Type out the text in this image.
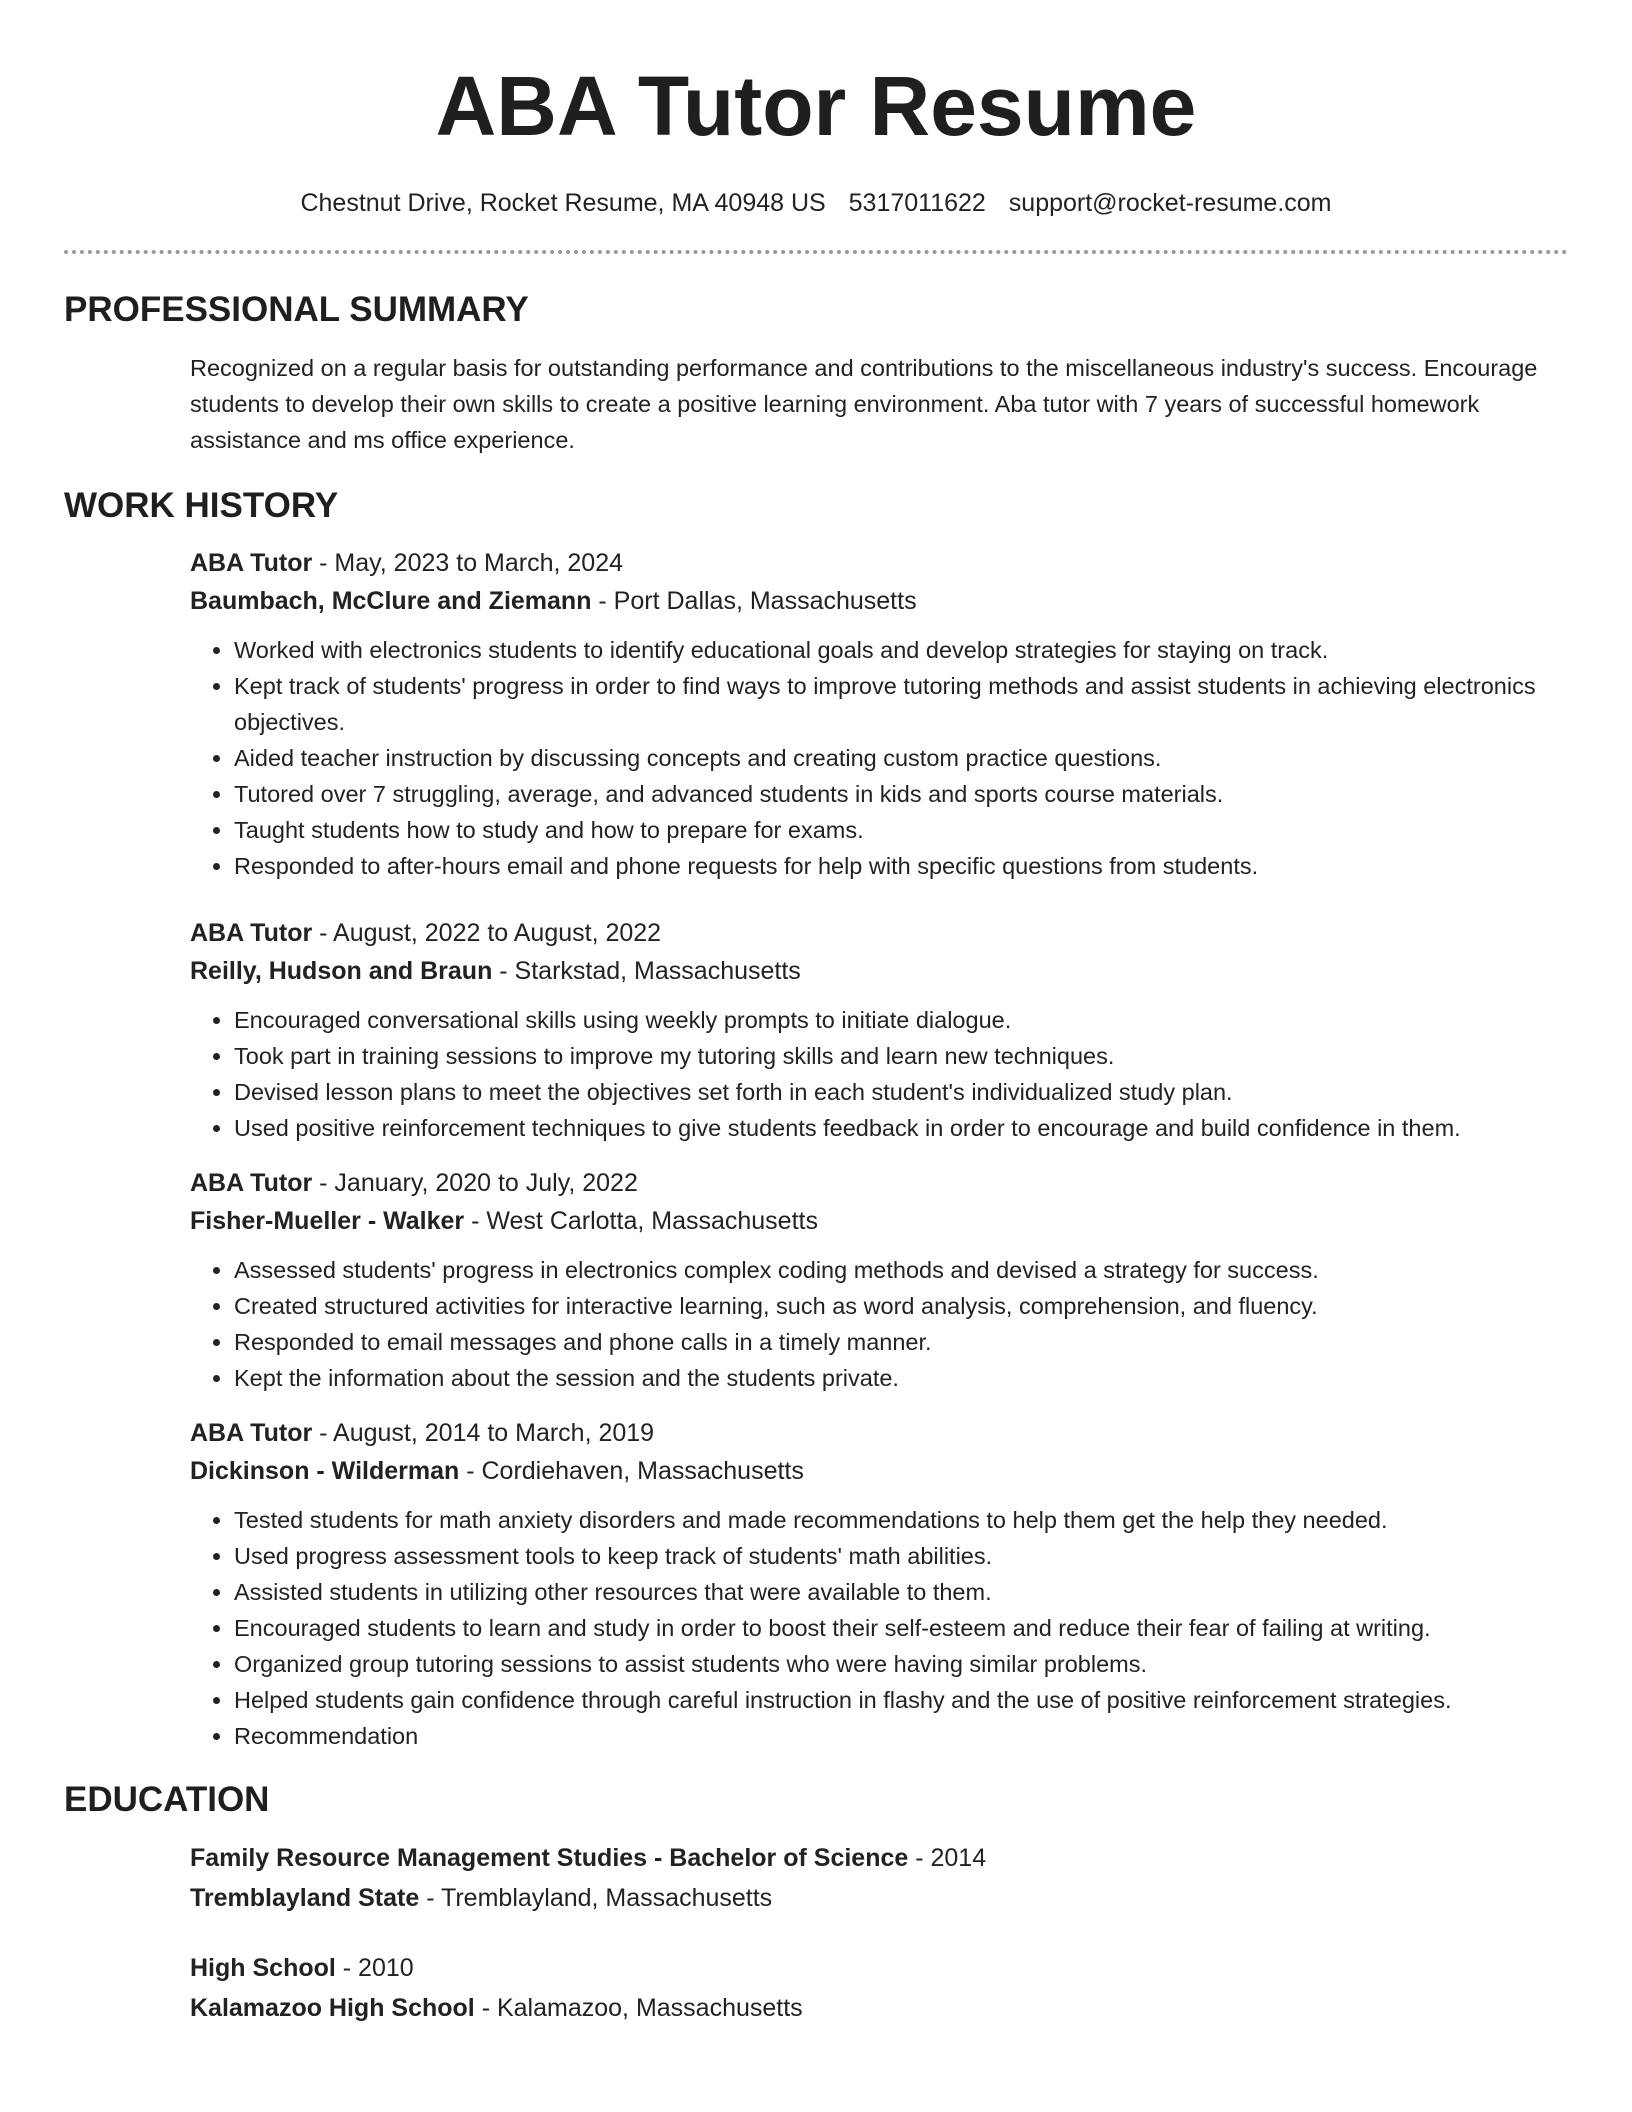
ABA Tutor Resume
Chestnut Drive, Rocket Resume, MA 40948 US 5317011622 support@rocket-resume.com
PROFESSIONAL SUMMARY

Recognized on a regular basis for outstanding performance and contributions to the miscellaneous industry's success. Encourage students to develop their own skills to create a positive learning environment. Aba tutor with 7 years of successful homework assistance and ms office experience.

WORK HISTORY
ABA Tutor - May, 2023 to March, 2024
Baumbach, McClure and Ziemann - Port Dallas, Massachusetts
• Worked with electronics students to identify educational goals and develop strategies for staying on track.
• Kept track of students' progress in order to find ways to improve tutoring methods and assist students in achieving electronics objectives.
• Aided teacher instruction by discussing concepts and creating custom practice questions.
• Tutored over 7 struggling, average, and advanced students in kids and sports course materials.
• Taught students how to study and how to prepare for exams.
• Responded to after-hours email and phone requests for help with specific questions from students.
ABA Tutor - August, 2022 to August, 2022
Reilly, Hudson and Braun - Starkstad, Massachusetts
• Encouraged conversational skills using weekly prompts to initiate dialogue.
• Took part in training sessions to improve my tutoring skills and learn new techniques.
• Devised lesson plans to meet the objectives set forth in each student's individualized study plan.
• Used positive reinforcement techniques to give students feedback in order to encourage and build confidence in them.
ABA Tutor - January, 2020 to July, 2022
Fisher-Mueller - Walker - West Carlotta, Massachusetts
• Assessed students' progress in electronics complex coding methods and devised a strategy for success.
• Created structured activities for interactive learning, such as word analysis, comprehension, and fluency.
• Responded to email messages and phone calls in a timely manner.
• Kept the information about the session and the students private.
ABA Tutor - August, 2014 to March, 2019
Dickinson - Wilderman - Cordiehaven, Massachusetts
• Tested students for math anxiety disorders and made recommendations to help them get the help they needed.
• Used progress assessment tools to keep track of students' math abilities.
• Assisted students in utilizing other resources that were available to them.
• Encouraged students to learn and study in order to boost their self-esteem and reduce their fear of failing at writing.
• Organized group tutoring sessions to assist students who were having similar problems.
• Helped students gain confidence through careful instruction in flashy and the use of positive reinforcement strategies.
• Recommendation
EDUCATION
Family Resource Management Studies - Bachelor of Science - 2014
Tremblayland State - Tremblayland, Massachusetts
High School - 2010
Kalamazoo High School - Kalamazoo, Massachusetts
